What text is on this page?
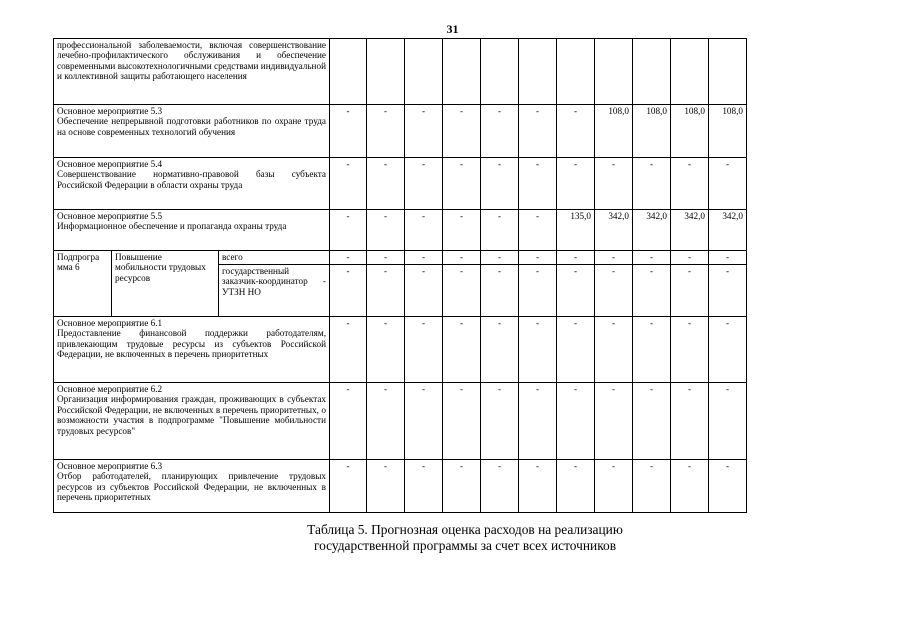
31
профессиональной заболеваемости, включая совершенствование лечебно-профилактического обслуживания и обеспечение современными высокотехнологичными средствами индивидуальной и коллективной защиты работающего населения													

Основное мероприятие 5.3
Обеспечение непрерывной подготовки работников по охране труда на основе современных технологий обучения			-	-	-	-	-	-	-	108,0	108,0	108,0	108,0

Основное мероприятие 5.4
Совершенствование нормативно-правовой базы субъекта Российской Федерации в области охраны труда			-	-	-	-	-	-	-	-	-	-	-

Основное мероприятие 5.5
Информационное обеспечение и пропаганда охраны труда			-	-	-	-	-	-	135,0	342,0	342,0	342,0	342,0
Подпрогра мма 6	Повышение мобильности трудовых ресурсов	всего	-	-	-	-	-	-	-	-	-	-	-
		государственный заказчик-координатор - УТЗН НО	-	-	-	-	-	-	-	-	-	-	-

Основное мероприятие 6.1
Предоставление финансовой поддержки работодателям, привлекающим трудовые ресурсы из субъектов Российской Федерации, не включенных в перечень приоритетных			-	-	-	-	-	-	-	-	-	-	-

Основное мероприятие 6.2
Организация информирования граждан, проживающих в субъектах Российской Федерации, не включенных в перечень приоритетных, о возможности участия в подпрограмме "Повышение мобильности трудовых ресурсов"			-	-	-	-	-	-	-	-	-	-	-

Основное мероприятие 6.3
Отбор работодателей, планирующих привлечение трудовых ресурсов из субъектов Российской Федерации, не включенных в перечень приоритетных			-	-	-	-	-	-	-	-	-	-	-
Таблица 5. Прогнозная оценка расходов на реализацию
государственной программы за счет всех источников
